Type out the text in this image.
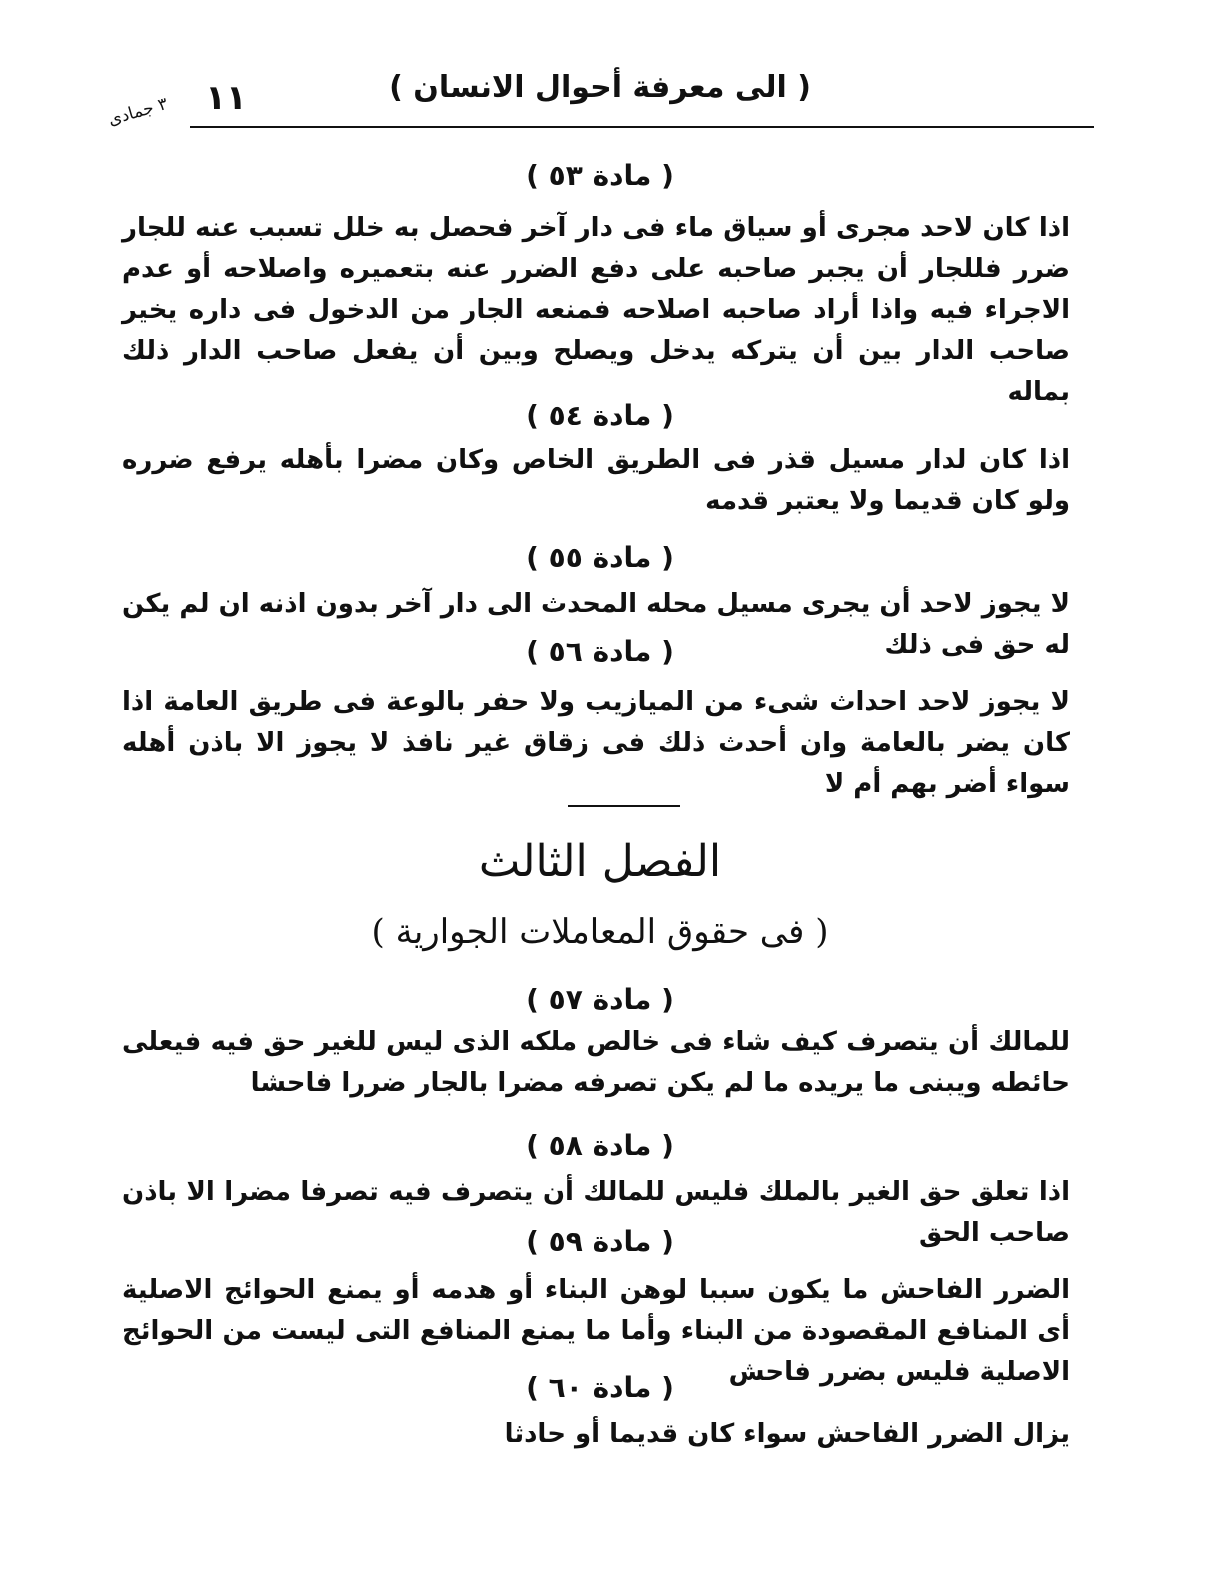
٣ جمادى	١١	( الى معرفة أحوال الانسان )
( مادة ٥٣ )
اذا كان لاحد مجرى أو سياق ماء فى دار آخر فحصل به خلل تسبب عنه للجار ضرر فللجار أن يجبر صاحبه على دفع الضرر عنه بتعميره واصلاحه أو عدم الاجراء فيه واذا أراد صاحبه اصلاحه فمنعه الجار من الدخول فى داره يخير صاحب الدار بين أن يتركه يدخل ويصلح وبين أن يفعل صاحب الدار ذلك بماله
( مادة ٥٤ )
اذا كان لدار مسيل قذر فى الطريق الخاص وكان مضرا بأهله يرفع ضرره ولو كان قديما ولا يعتبر قدمه
( مادة ٥٥ )
لا يجوز لاحد أن يجرى مسيل محله المحدث الى دار آخر بدون اذنه ان لم يكن له حق فى ذلك
( مادة ٥٦ )
لا يجوز لاحد احداث شىء من الميازيب ولا حفر بالوعة فى طريق العامة اذا كان يضر بالعامة وان أحدث ذلك فى زقاق غير نافذ لا يجوز الا باذن أهله سواء أضر بهم أم لا
الفصل الثالث
( فى حقوق المعاملات الجوارية )
( مادة ٥٧ )
للمالك أن يتصرف كيف شاء فى خالص ملكه الذى ليس للغير حق فيه فيعلى حائطه ويبنى ما يريده ما لم يكن تصرفه مضرا بالجار ضررا فاحشا
( مادة ٥٨ )
اذا تعلق حق الغير بالملك فليس للمالك أن يتصرف فيه تصرفا مضرا الا باذن صاحب الحق
( مادة ٥٩ )
الضرر الفاحش ما يكون سببا لوهن البناء أو هدمه أو يمنع الحوائج الاصلية أى المنافع المقصودة من البناء وأما ما يمنع المنافع التى ليست من الحوائج الاصلية فليس بضرر فاحش
( مادة ٦٠ )
يزال الضرر الفاحش سواء كان قديما أو حادثا
